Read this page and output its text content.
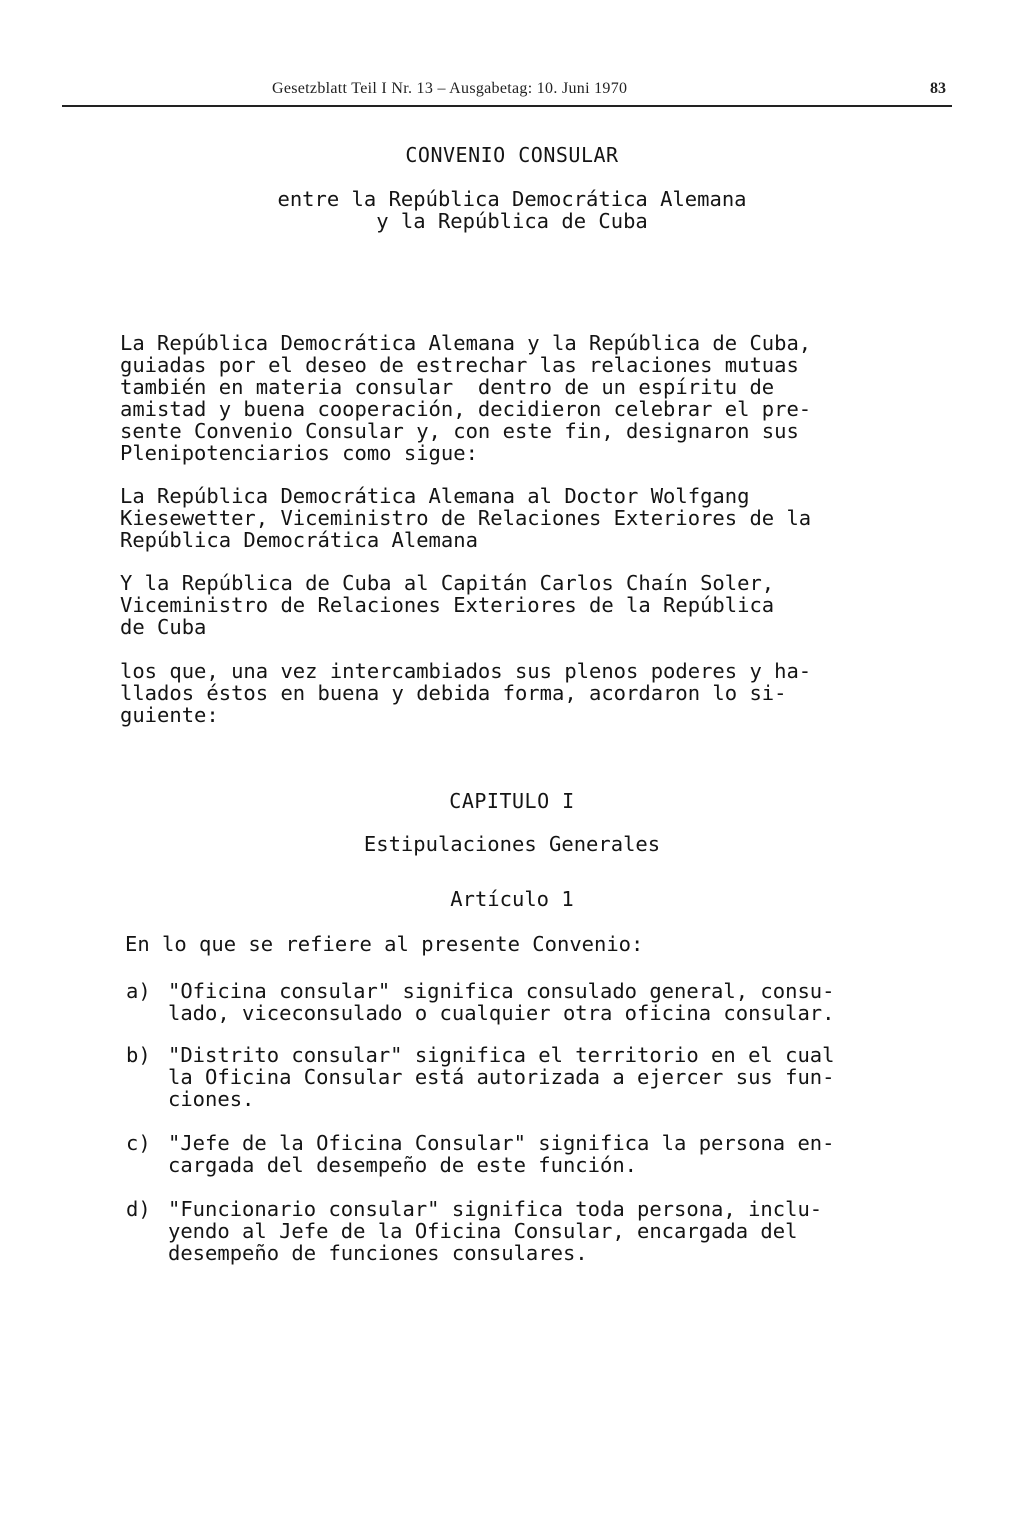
Gesetzblatt Teil I Nr. 13 – Ausgabetag: 10. Juni 1970	83
CONVENIO CONSULAR
entre la República Democrática Alemana
y la República de Cuba
La República Democrática Alemana y la República de Cuba,
guiadas por el deseo de estrechar las relaciones mutuas
también en materia consular  dentro de un espíritu de
amistad y buena cooperación, decidieron celebrar el pre-
sente Convenio Consular y, con este fin, designaron sus
Plenipotenciarios como sigue:
La República Democrática Alemana al Doctor Wolfgang
Kiesewetter, Viceministro de Relaciones Exteriores de la
República Democrática Alemana
Y la República de Cuba al Capitán Carlos Chaín Soler,
Viceministro de Relaciones Exteriores de la República
de Cuba
los que, una vez intercambiados sus plenos poderes y ha-
llados éstos en buena y debida forma, acordaron lo si-
guiente:
CAPITULO I
Estipulaciones Generales
Artículo 1
En lo que se refiere al presente Convenio:
a) "Oficina consular" significa consulado general, consu-
lado, viceconsulado o cualquier otra oficina consular.
b) "Distrito consular" significa el territorio en el cual
la Oficina Consular está autorizada a ejercer sus fun-
ciones.
c) "Jefe de la Oficina Consular" significa la persona en-
cargada del desempeño de este función.
d) "Funcionario consular" significa toda persona, inclu-
yendo al Jefe de la Oficina Consular, encargada del
desempeño de funciones consulares.
